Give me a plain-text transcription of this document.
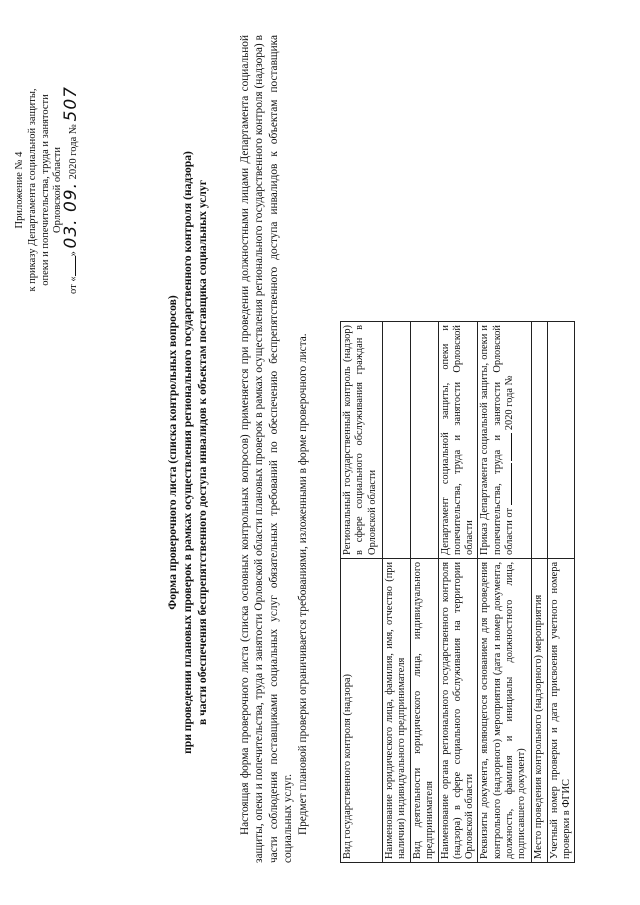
Приложение № 4 к приказу Департамента социальной защиты, опеки и попечительства, труда и занятости Орловской области
от «» 03. 09. 2020 года № 507
Форма проверочного листа (списка контрольных вопросов) при проведении плановых проверок в рамках осуществления регионального государственного контроля (надзора) в части обеспечения беспрепятственного доступа инвалидов к объектам поставщика социальных услуг	Настоящая форма проверочного листа (списка основных контрольных вопросов) применяется при проведении должностными лицами Департамента социальной защиты, опеки и попечительства, труда и занятости Орловской области плановых проверок в рамках осуществления регионального государственного контроля (надзора) в части соблюдения поставщиками социальных услуг обязательных требований по обеспечению беспрепятственного доступа инвалидов к объектам поставщика социальных услуг. Предмет плановой проверки ограничивается требованиями, изложенными в форме проверочного листа.	Вид государственного контроля (надзора)	Региональный государственный контроль (надзор) в сфере социального обслуживания граждан в Орловской области
Наименование юридического лица, фамилия, имя, отчество (при наличии) индивидуального предпринимателя	
Вид деятельности юридического лица, индивидуального предпринимателя	
Наименование органа регионального государственного контроля (надзора) в сфере социального обслуживания на территории Орловской области	Департамент социальной защиты, опеки и попечительства, труда и занятости Орловской области
Реквизиты документа, являющегося основанием для проведения контрольного (надзорного) мероприятия (дата и номер документа, должность, фамилия и инициалы должностного лица, подписавшего документ)	Приказ Департамента социальной защиты, опеки и попечительства, труда и занятости Орловской области от   2020 года №
Место проведения контрольного (надзорного) мероприятия	
Учетный номер проверки и дата присвоения учетного номера проверки в ФГИС	
